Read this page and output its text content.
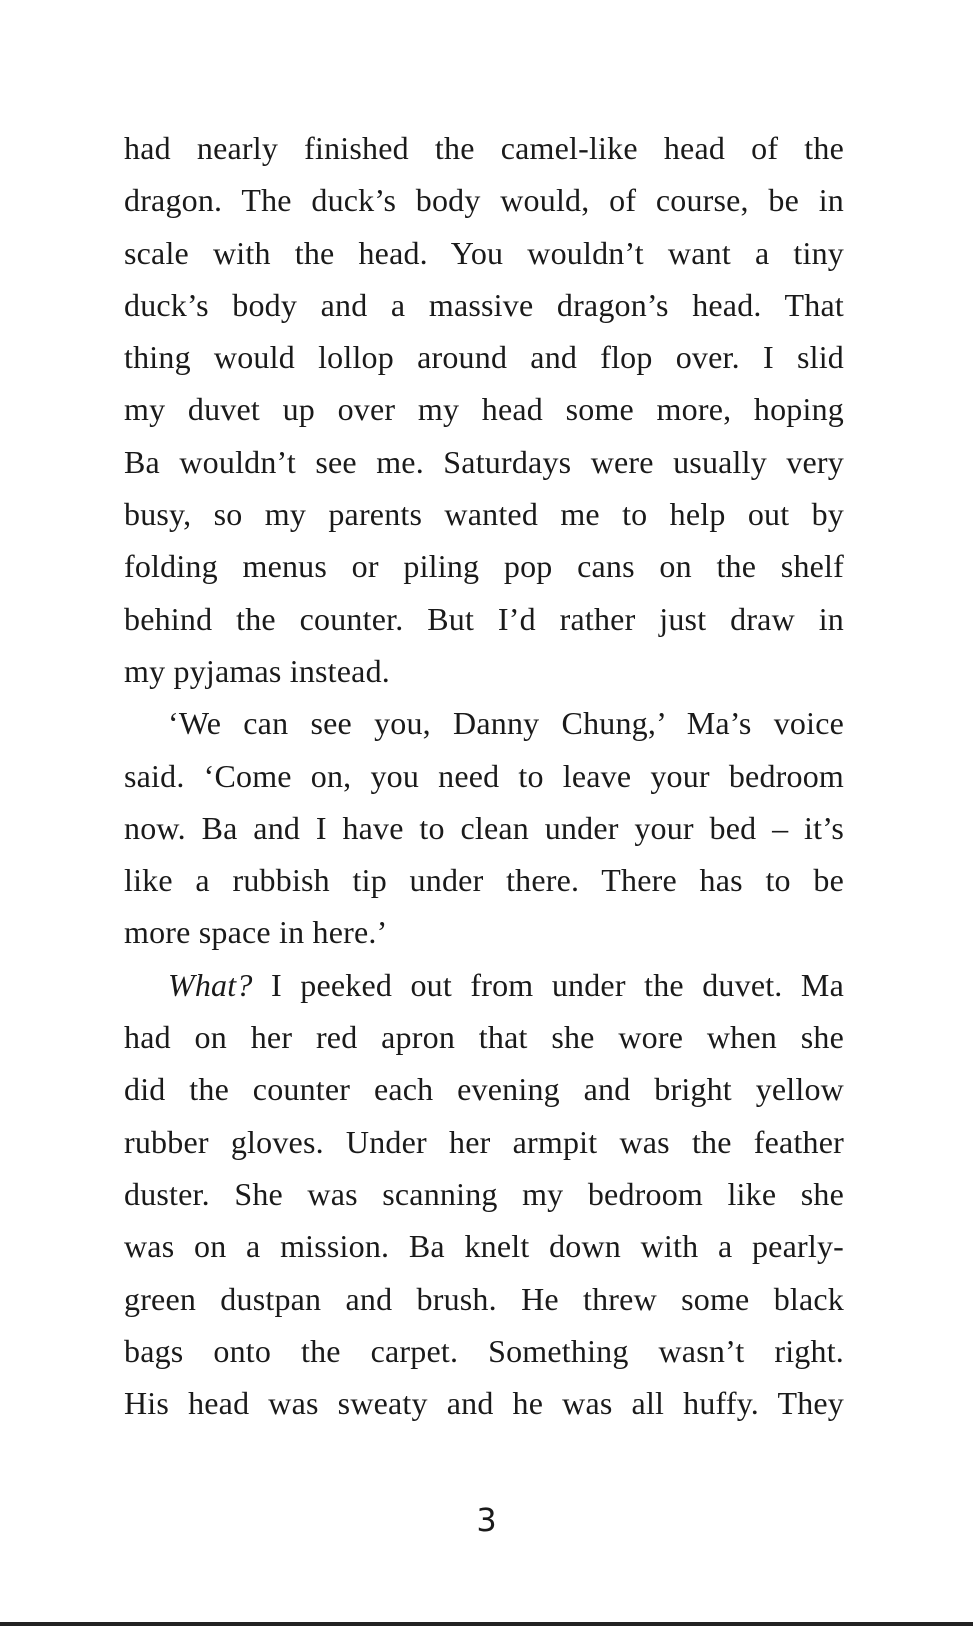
had nearly finished the camel-like head of the
dragon. The duck’s body would, of course, be in
scale with the head. You wouldn’t want a tiny
duck’s body and a massive dragon’s head. That
thing would lollop around and flop over. I slid
my duvet up over my head some more, hoping
Ba wouldn’t see me. Saturdays were usually very
busy, so my parents wanted me to help out by
folding menus or piling pop cans on the shelf
behind the counter. But I’d rather just draw in
my pyjamas instead.
‘We can see you, Danny Chung,’ Ma’s voice
said. ‘Come on, you need to leave your bedroom
now. Ba and I have to clean under your bed – it’s
like a rubbish tip under there. There has to be
more space in here.’
What? I peeked out from under the duvet. Ma
had on her red apron that she wore when she
did the counter each evening and bright yellow
rubber gloves. Under her armpit was the feather
duster. She was scanning my bedroom like she
was on a mission. Ba knelt down with a pearly-
green dustpan and brush. He threw some black
bags onto the carpet. Something wasn’t right.
His head was sweaty and he was all huffy. They
3
